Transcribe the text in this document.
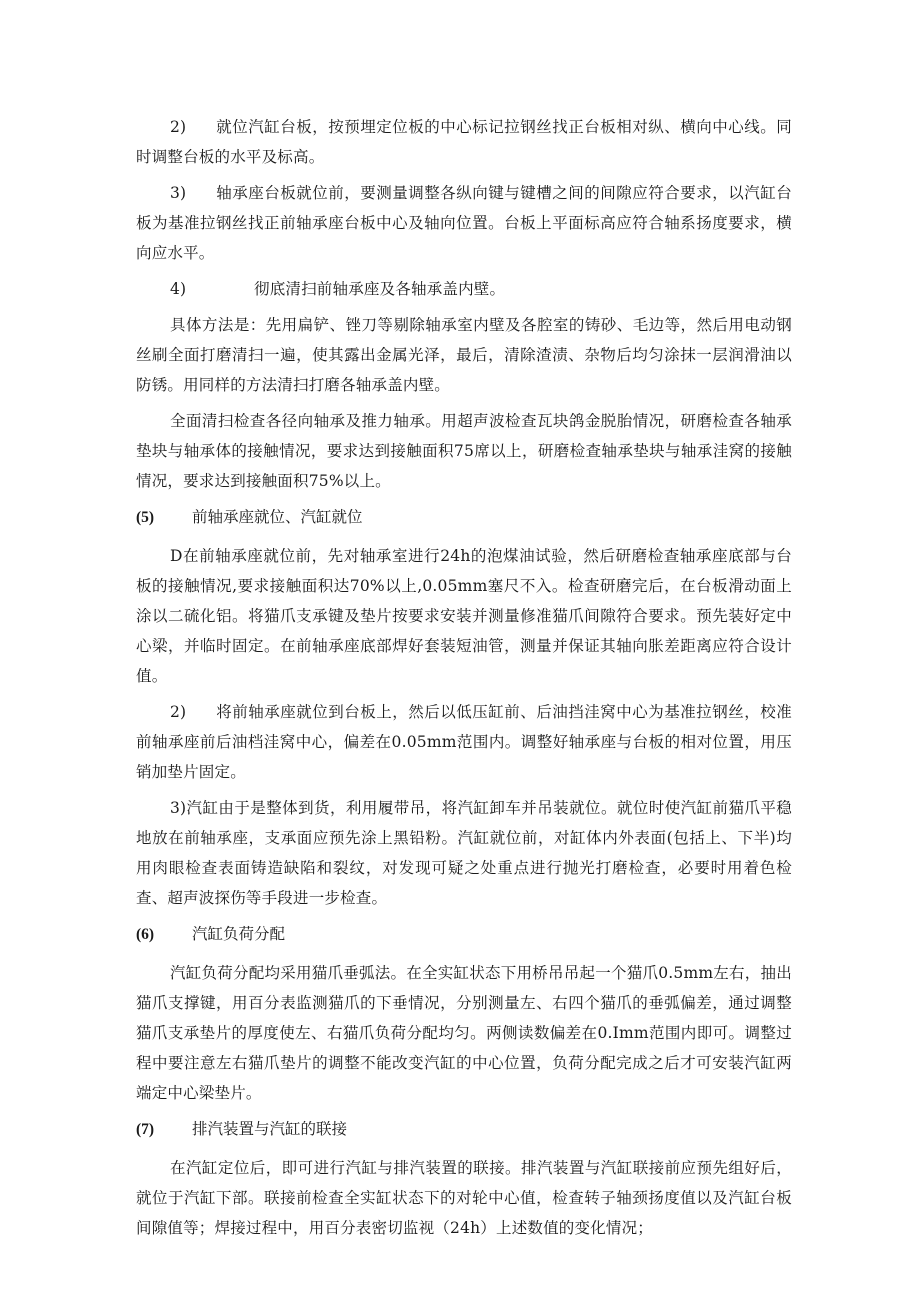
2) 就位汽缸台板，按预埋定位板的中心标记拉钢丝找正台板相对纵、横向中心线。同时调整台板的水平及标高。

3) 轴承座台板就位前，要测量调整各纵向键与键槽之间的间隙应符合要求，以汽缸台板为基准拉钢丝找正前轴承座台板中心及轴向位置。台板上平面标高应符合轴系扬度要求，横向应水平。

4)	彻底清扫前轴承座及各轴承盖内壁。

具体方法是：先用扁铲、锉刀等剔除轴承室内壁及各腔室的铸砂、毛边等，然后用电动钢丝刷全面打磨清扫一遍，使其露出金属光泽，最后，清除渣渍、杂物后均匀涂抹一层润滑油以防锈。用同样的方法清扫打磨各轴承盖内壁。

全面清扫检查各径向轴承及推力轴承。用超声波检查瓦块鸽金脱胎情况，研磨检查各轴承垫块与轴承体的接触情况，要求达到接触面积75席以上，研磨检查轴承垫块与轴承洼窝的接触情况，要求达到接触面积75%以上。

(5) 前轴承座就位、汽缸就位

D在前轴承座就位前，先对轴承室进行24h的泡煤油试验，然后研磨检查轴承座底部与台板的接触情况,要求接触面积达70%以上,0.05mm塞尺不入。检查研磨完后，在台板滑动面上涂以二硫化铝。将猫爪支承键及垫片按要求安装并测量修准猫爪间隙符合要求。预先装好定中心梁，并临时固定。在前轴承座底部焊好套装短油管，测量并保证其轴向胀差距离应符合设计值。

2) 将前轴承座就位到台板上，然后以低压缸前、后油挡洼窝中心为基准拉钢丝，校准前轴承座前后油档洼窝中心，偏差在0.05mm范围内。调整好轴承座与台板的相对位置，用压销加垫片固定。

3)汽缸由于是整体到货，利用履带吊，将汽缸卸车并吊装就位。就位时使汽缸前猫爪平稳地放在前轴承座，支承面应预先涂上黑铅粉。汽缸就位前，对缸体内外表面(包括上、下半)均用肉眼检查表面铸造缺陷和裂纹，对发现可疑之处重点进行抛光打磨检查，必要时用着色检查、超声波探伤等手段进一步检查。

(6) 汽缸负荷分配

汽缸负荷分配均采用猫爪垂弧法。在全实缸状态下用桥吊吊起一个猫爪0.5mm左右，抽出猫爪支撑键，用百分表监测猫爪的下垂情况，分别测量左、右四个猫爪的垂弧偏差，通过调整猫爪支承垫片的厚度使左、右猫爪负荷分配均匀。两侧读数偏差在0.Imm范围内即可。调整过程中要注意左右猫爪垫片的调整不能改变汽缸的中心位置，负荷分配完成之后才可安装汽缸两端定中心梁垫片。

(7) 排汽装置与汽缸的联接

在汽缸定位后，即可进行汽缸与排汽装置的联接。排汽装置与汽缸联接前应预先组好后，就位于汽缸下部。联接前检查全实缸状态下的对轮中心值，检查转子轴颈扬度值以及汽缸台板间隙值等；焊接过程中，用百分表密切监视（24h）上述数值的变化情况；
